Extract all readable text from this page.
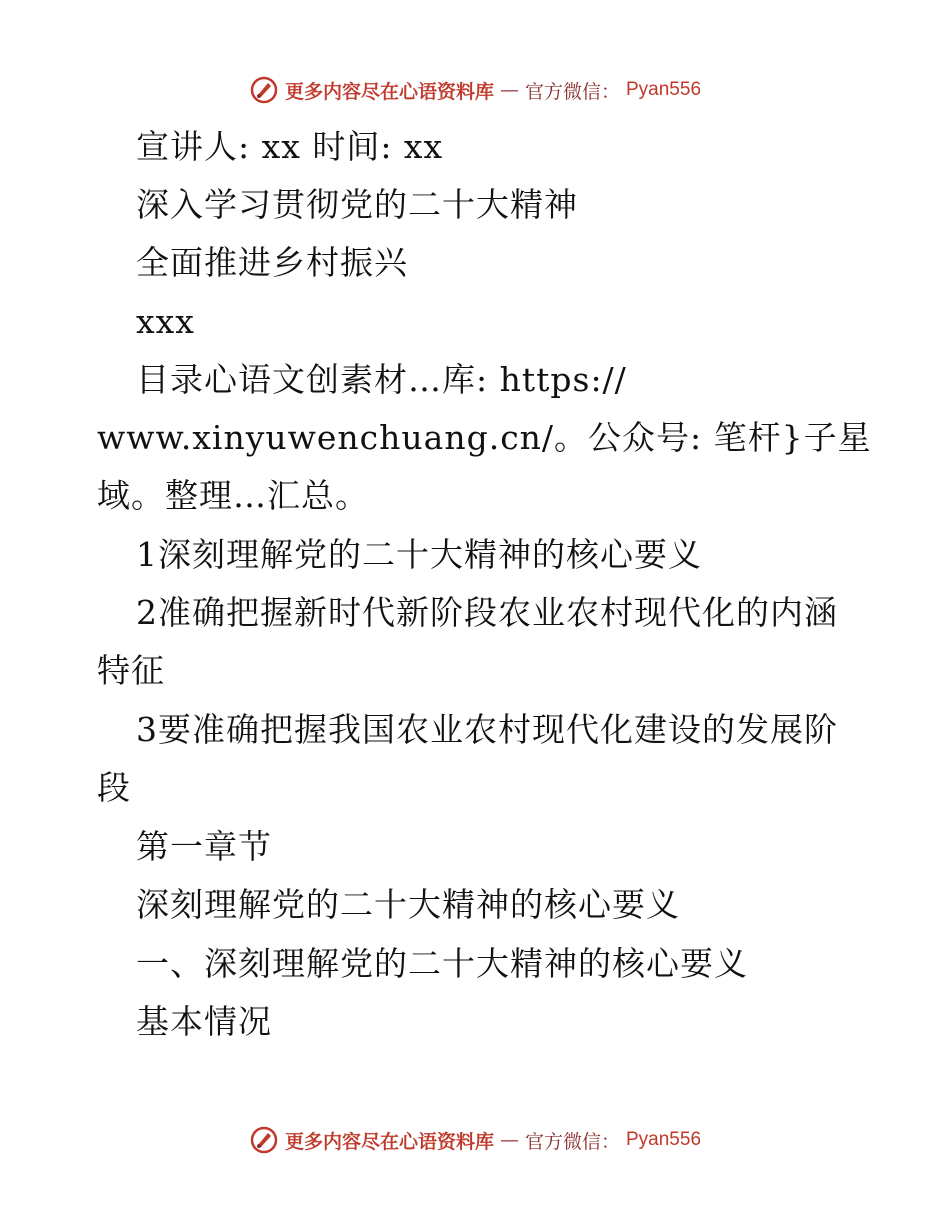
更多内容尽在心语资料库 — 官方微信： Pyan556
宣讲人: xx 时间: xx
深入学习贯彻党的二十大精神
全面推进乡村振兴
xxx
目录心语文创素材…库: https://
www.xinyuwenchuang.cn/。公众号: 笔杆}子星
域。整理…汇总。
1深刻理解党的二十大精神的核心要义
2准确把握新时代新阶段农业农村现代化的内涵
特征
3要准确把握我国农业农村现代化建设的发展阶
段
第一章节
深刻理解党的二十大精神的核心要义
一、深刻理解党的二十大精神的核心要义
基本情况
更多内容尽在心语资料库 — 官方微信： Pyan556
